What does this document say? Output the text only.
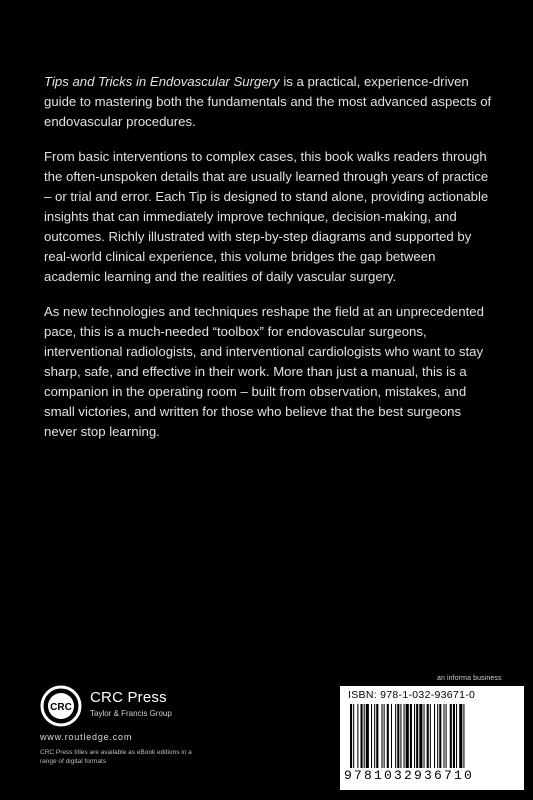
Tips and Tricks in Endovascular Surgery is a practical, experience-driven guide to mastering both the fundamentals and the most advanced aspects of endovascular procedures.

From basic interventions to complex cases, this book walks readers through the often-unspoken details that are usually learned through years of practice – or trial and error. Each Tip is designed to stand alone, providing actionable insights that can immediately improve technique, decision-making, and outcomes. Richly illustrated with step-by-step diagrams and supported by real-world clinical experience, this volume bridges the gap between academic learning and the realities of daily vascular surgery.

As new technologies and techniques reshape the field at an unprecedented pace, this is a much-needed “toolbox” for endovascular surgeons, interventional radiologists, and interventional cardiologists who want to stay sharp, safe, and effective in their work. More than just a manual, this is a companion in the operating room – built from observation, mistakes, and small victories, and written for those who believe that the best surgeons never stop learning.

CRC
CRC Press
Taylor & Francis Group
www.routledge.com
CRC Press titles are available as eBook editions in a range of digital formats
an informa business
ISBN: 978-1-032-93671-0
9781032936710
